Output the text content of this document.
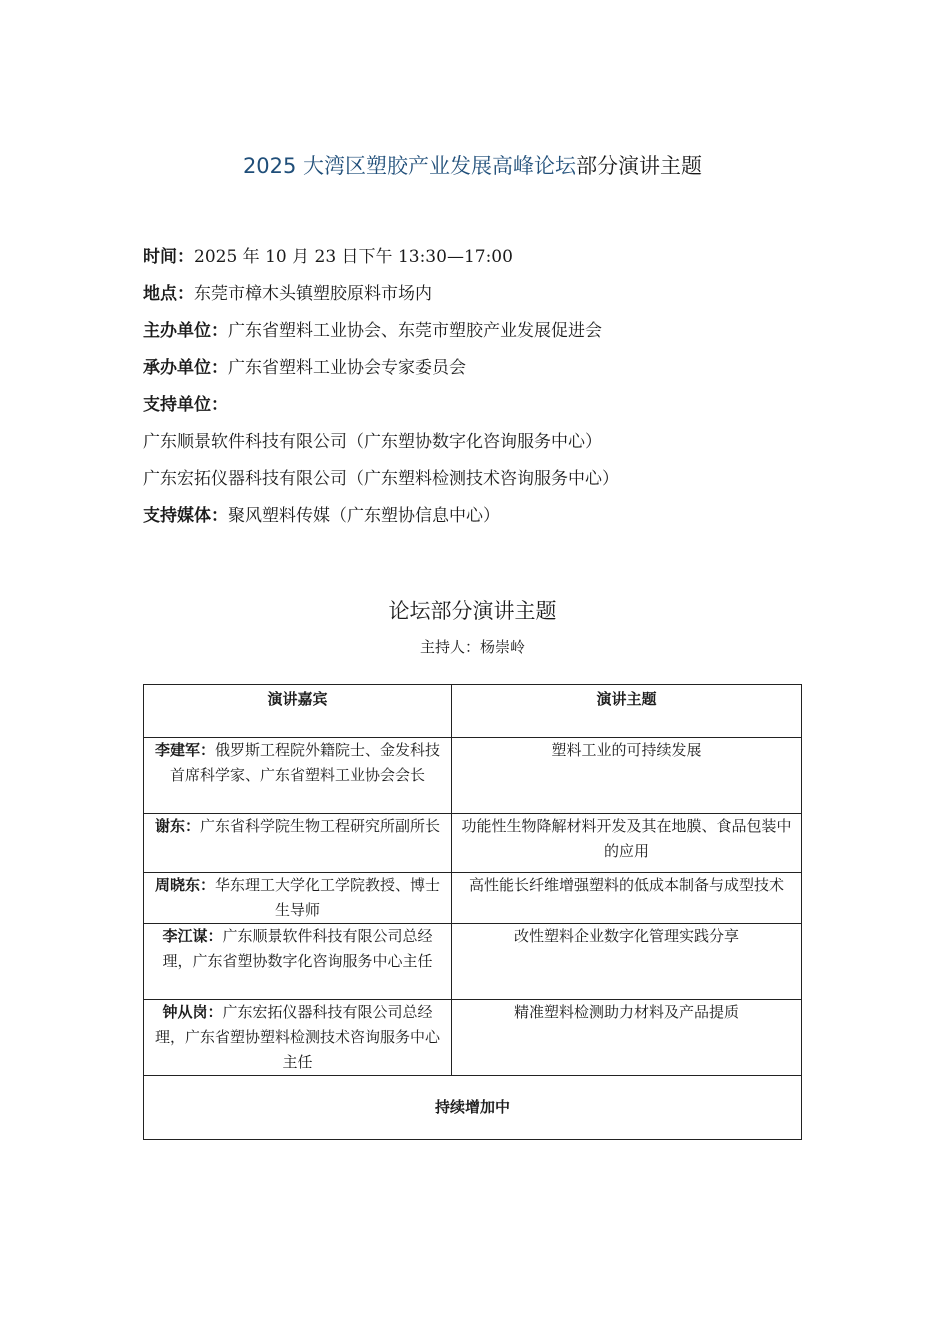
2025 大湾区塑胶产业发展高峰论坛部分演讲主题
时间：2025 年 10 月 23 日下午 13:30—17:00
地点：东莞市樟木头镇塑胶原料市场内
主办单位：广东省塑料工业协会、东莞市塑胶产业发展促进会
承办单位：广东省塑料工业协会专家委员会
支持单位：
广东顺景软件科技有限公司（广东塑协数字化咨询服务中心）
广东宏拓仪器科技有限公司（广东塑料检测技术咨询服务中心）
支持媒体：聚风塑料传媒（广东塑协信息中心）
论坛部分演讲主题
主持人：杨崇岭
演讲嘉宾	演讲主题
李建军：俄罗斯工程院外籍院士、金发科技首席科学家、广东省塑料工业协会会长	塑料工业的可持续发展
谢东：广东省科学院生物工程研究所副所长	功能性生物降解材料开发及其在地膜、食品包装中的应用
周晓东：华东理工大学化工学院教授、博士生导师	高性能长纤维增强塑料的低成本制备与成型技术
李江谋：广东顺景软件科技有限公司总经理，广东省塑协数字化咨询服务中心主任	改性塑料企业数字化管理实践分享
钟从岗：广东宏拓仪器科技有限公司总经理，广东省塑协塑料检测技术咨询服务中心主任	精准塑料检测助力材料及产品提质
持续增加中	
